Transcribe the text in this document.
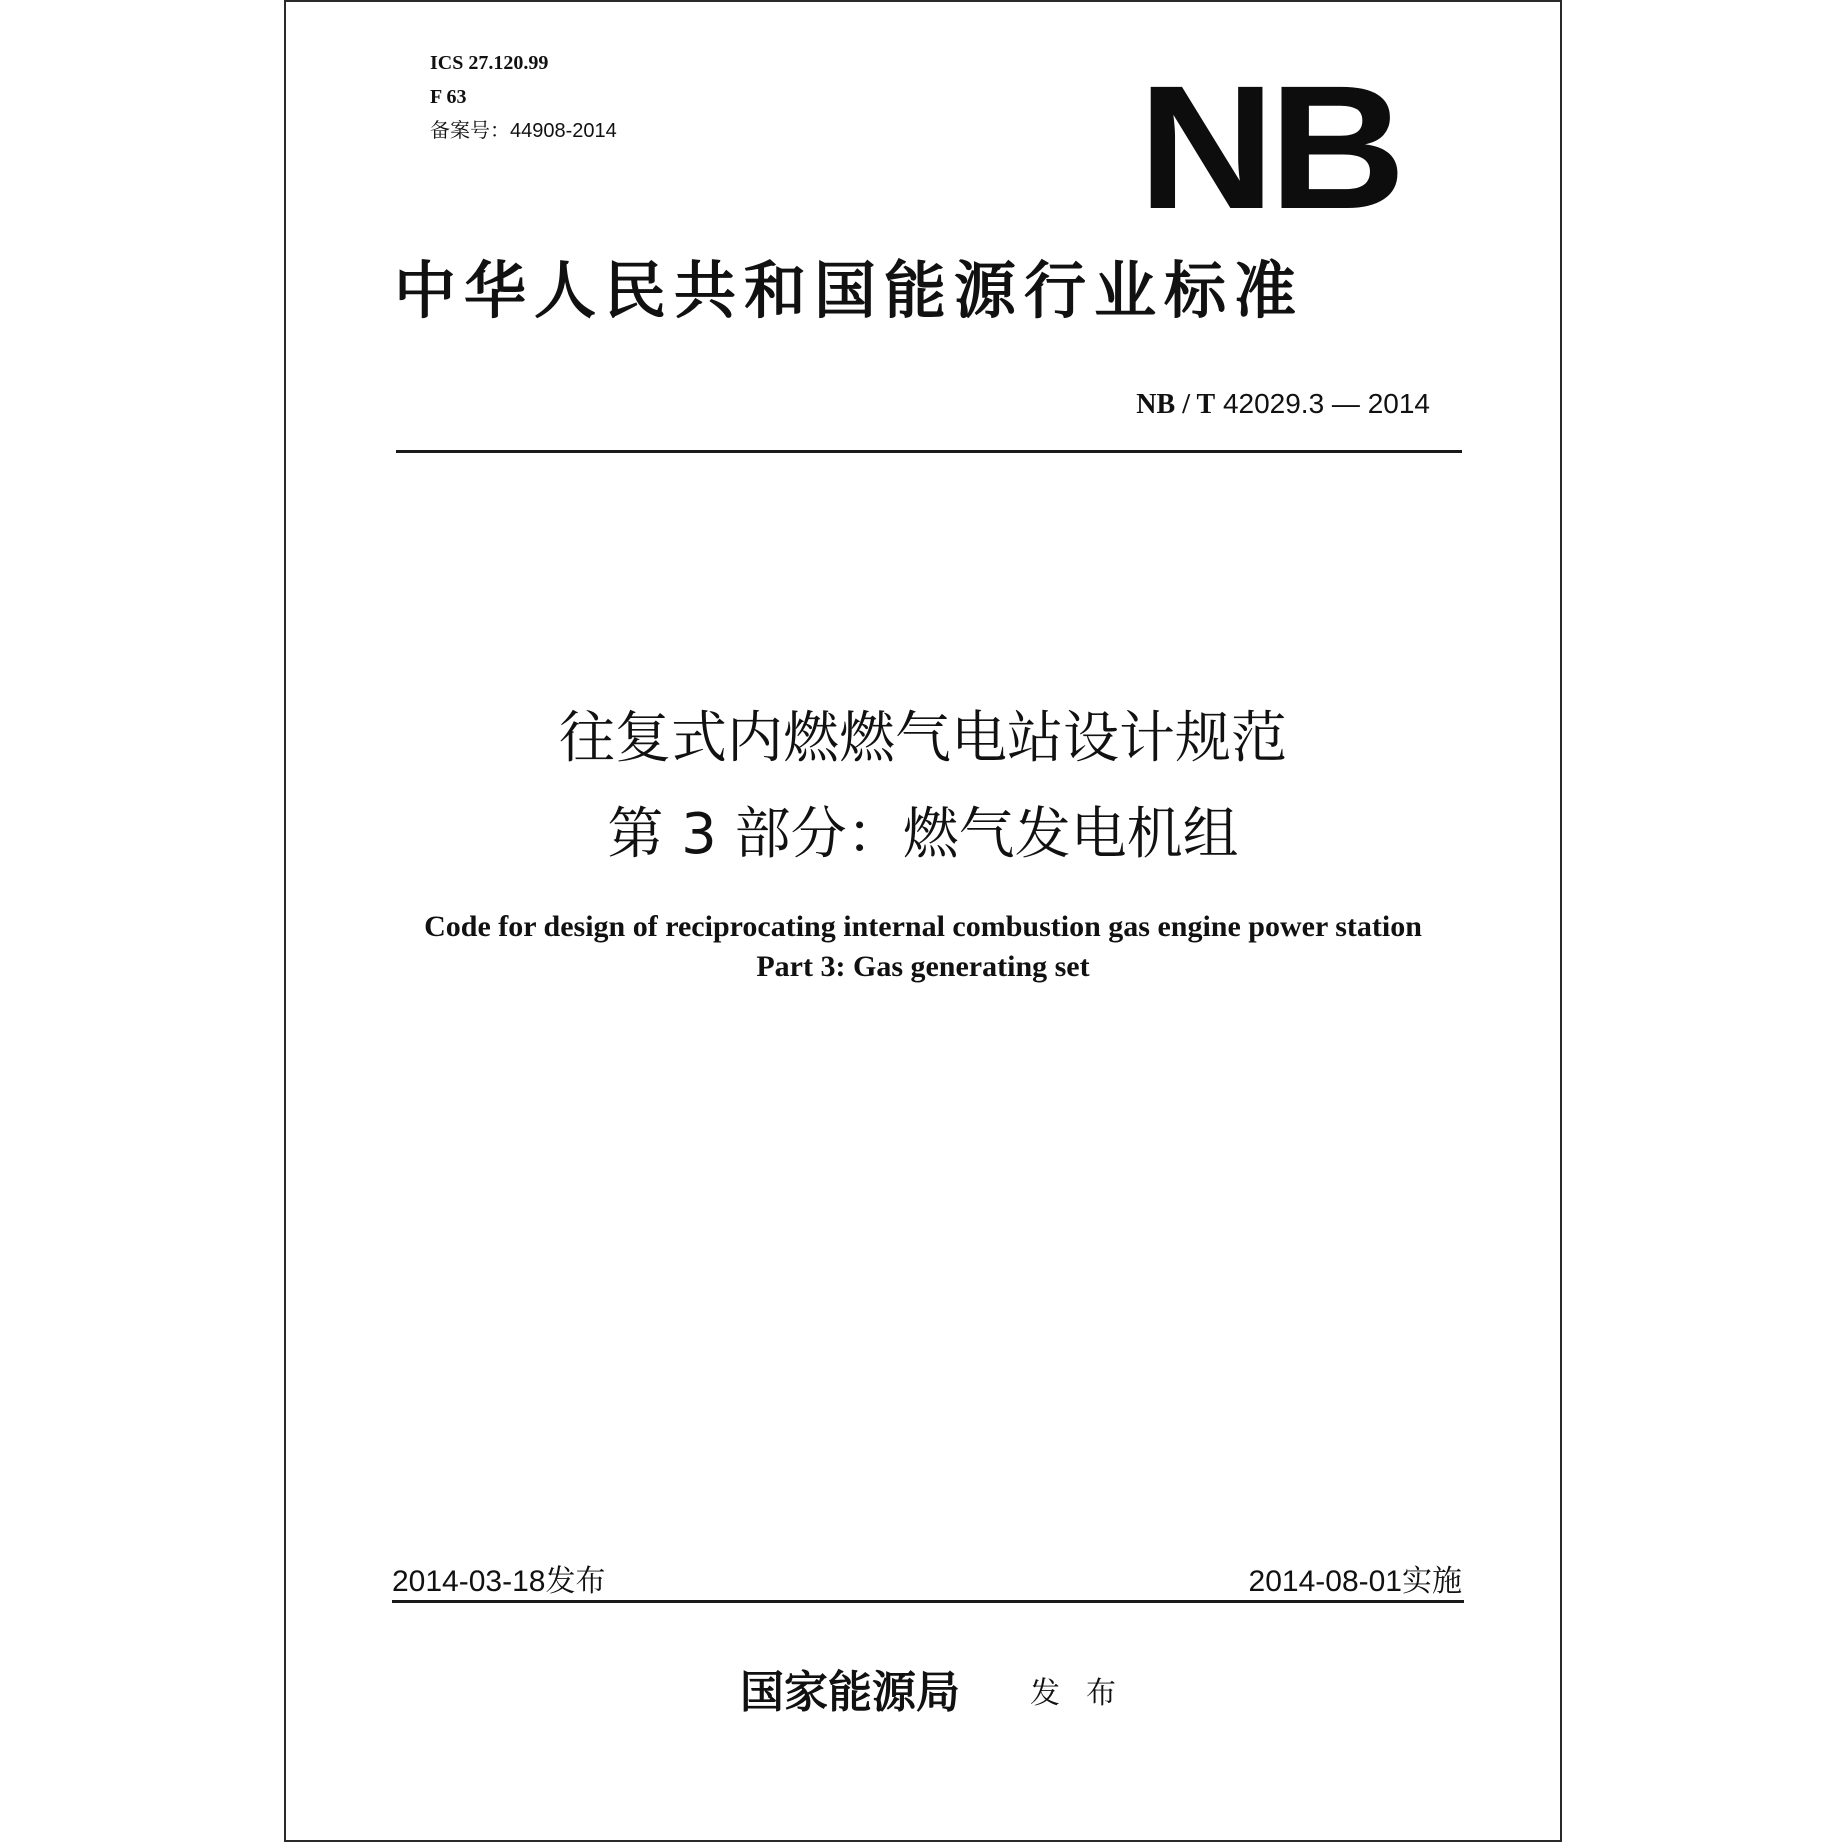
ICS 27.120.99
F 63
备案号：44908-2014	NB
中华人民共和国能源行业标准
NB / T 42029.3 — 2014
往复式内燃燃气电站设计规范
第 3 部分：燃气发电机组
Code for design of reciprocating internal combustion gas engine power station
Part 3: Gas generating set
2014-03-18发布	2014-08-01实施
国家能源局 发布
